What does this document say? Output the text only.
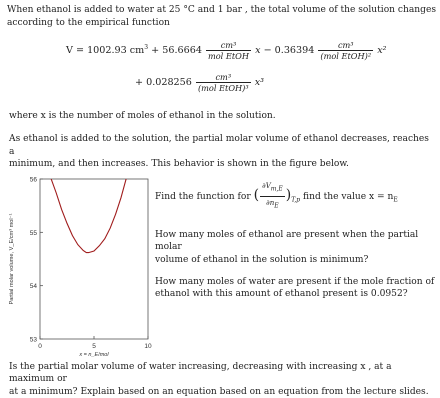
When ethanol is added to water at 25 °C and 1 bar , the total volume of the solution changes
according to the empirical function
V = 1002.93 $cm^3 + 56.6664 \frac{\text{cm³}}{\text{mol EtOH}}$ $x - 0.36394 \frac{\text{cm³}}{\text{(mol EtOH)²}} x^2$
+ $0.028256 \frac{\text{cm³}}{\text{(mol EtOH)³}} x^3$
where x is the number of moles of ethanol in the solution.
As ethanol is added to the solution, the partial molar volume of ethanol decreases, reaches a
minimum, and then increases. This behavior is shown in the figure below.
53
54
55
56
0	5	10
x = n_E/mol
Partial molar volume, V_E/cm³ mol⁻¹
Find the function for ( $\frac{\partial V_{m,E}}{\partial n_E} )_{T,p}$ find the value $x = n_E$
How many moles of ethanol are present when the partial molar
volume of ethanol in the solution is minimum?
How many moles of water are present if the mole fraction of
ethanol with this amount of ethanol present is 0.0952?
Is the partial molar volume of water increasing, decreasing with increasing x , at a maximum or
at a minimum? Explain based on an equation based on an equation from the lecture slides.
